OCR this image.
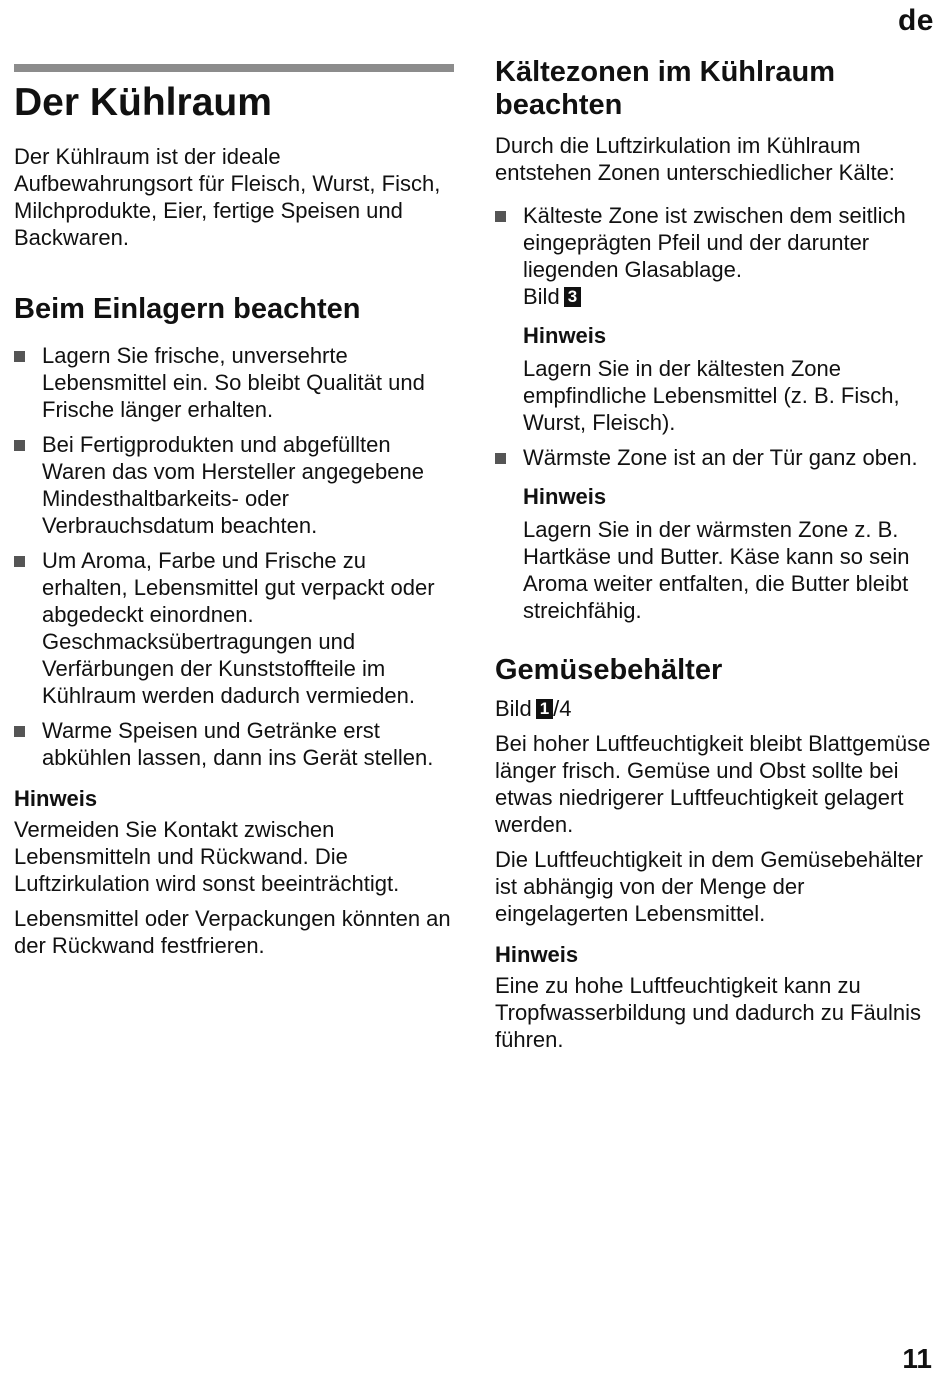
de
Der Kühlraum

Der Kühlraum ist der ideale Aufbewahrungsort für Fleisch, Wurst, Fisch, Milchprodukte, Eier, fertige Speisen und Backwaren.

Beim Einlagern beachten
Lagern Sie frische, unversehrte Lebensmittel ein. So bleibt Qualität und Frische länger erhalten.
Bei Fertigprodukten und abgefüllten Waren das vom Hersteller angegebene Mindesthaltbarkeits- oder Verbrauchsdatum beachten.
Um Aroma, Farbe und Frische zu erhalten, Lebensmittel gut verpackt oder abgedeckt einordnen. Geschmacksübertragungen und Verfärbungen der Kunststoffteile im Kühlraum werden dadurch vermieden.
Warme Speisen und Getränke erst abkühlen lassen, dann ins Gerät stellen.
Hinweis

Vermeiden Sie Kontakt zwischen Lebensmitteln und Rückwand. Die Luftzirkulation wird sonst beeinträchtigt.

Lebensmittel oder Verpackungen könnten an der Rückwand festfrieren.

Kältezonen im Kühlraum beachten

Durch die Luftzirkulation im Kühlraum entstehen Zonen unterschiedlicher Kälte:

Kälteste Zone ist zwischen dem seitlich eingeprägten Pfeil und der darunter liegenden Glasablage.
Bild 3
Hinweis

Lagern Sie in der kältesten Zone empfindliche Lebensmittel (z. B. Fisch, Wurst, Fleisch).

Wärmste Zone ist an der Tür ganz oben.
Hinweis

Lagern Sie in der wärmsten Zone z. B. Hartkäse und Butter. Käse kann so sein Aroma weiter entfalten, die Butter bleibt streichfähig.

Gemüsebehälter

Bild 1 /4

Bei hoher Luftfeuchtigkeit bleibt Blattgemüse länger frisch. Gemüse und Obst sollte bei etwas niedrigerer Luftfeuchtigkeit gelagert werden.

Die Luftfeuchtigkeit in dem Gemüsebehälter ist abhängig von der Menge der eingelagerten Lebensmittel.

Hinweis

Eine zu hohe Luftfeuchtigkeit kann zu Tropfwasserbildung und dadurch zu Fäulnis führen.

11
